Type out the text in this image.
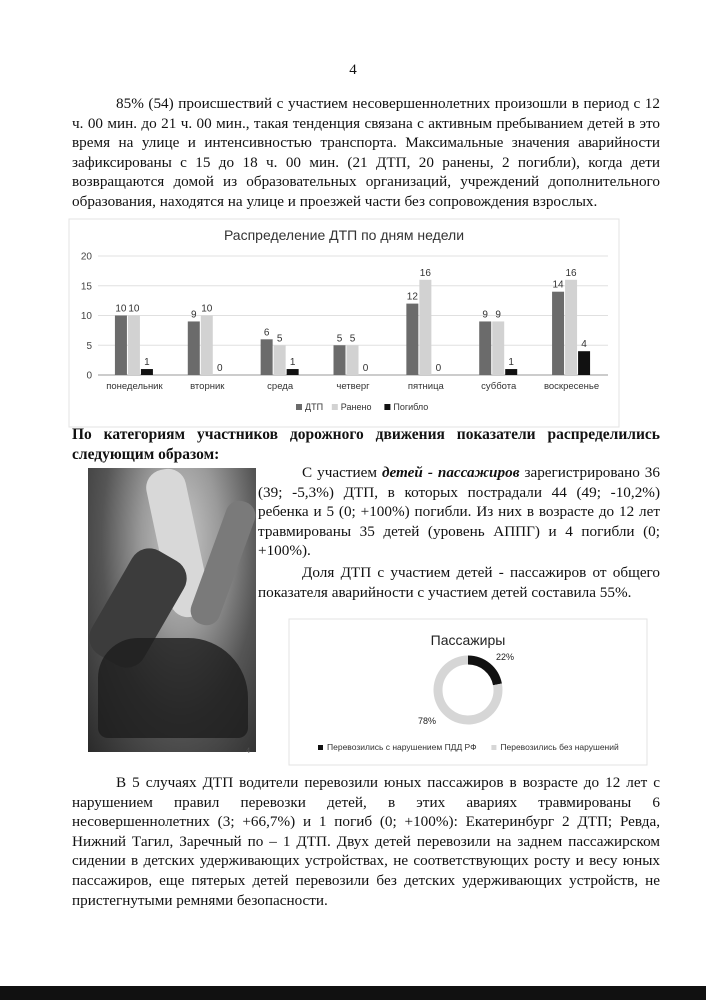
4

85% (54) происшествий с участием несовершеннолетних произошли в период с 12 ч. 00 мин. до 21 ч. 00 мин., такая тенденция связана с активным пребыванием детей в это время на улице и интенсивностью транспорта. Максимальные значения аварийности зафиксированы с 15 до 18 ч. 00 мин. (21 ДТП, 20 ранены, 2 погибли), когда дети возвращаются домой из образовательных организаций, учреждений дополнительного образования, находятся на улице и проезжей части без сопровождения взрослых.

Распределение ДТП по дням недели
0
5
10
15
20
10 10
1
понедельник
9
10
0
вторник
6
5
1
среда
5 5
0
четверг
12
16
0
пятница
9 9
1
суббота
14
16
4
воскресенье
ДТП Ранено Погибло

По категориям участников дорожного движения показатели распределились следующим образом:

4

С участием детей - пассажиров зарегистрировано 36 (39; -5,3%) ДТП, в которых пострадали 44 (49; -10,2%) ребенка и 5 (0; +100%) погибли. Из них в возрасте до 12 лет травмированы 35 детей (уровень АППГ) и 4 погибли (0; +100%).

Доля ДТП с участием детей - пассажиров от общего показателя аварийности с участием детей составила 55%.

Пассажиры
22%
78%
Перевозились с нарушением ПДД РФ	Перевозились без нарушений

В 5 случаях ДТП водители перевозили юных пассажиров в возрасте до 12 лет с нарушением правил перевозки детей, в этих авариях травмированы 6 несовершеннолетних (3; +66,7%) и 1 погиб (0; +100%): Екатеринбург 2 ДТП; Ревда, Нижний Тагил, Заречный по – 1 ДТП. Двух детей перевозили на заднем пассажирском сидении в детских удерживающих устройствах, не соответствующих росту и весу юных пассажиров, еще пятерых детей перевозили без детских удерживающих устройств, не пристегнутыми ремнями безопасности.
